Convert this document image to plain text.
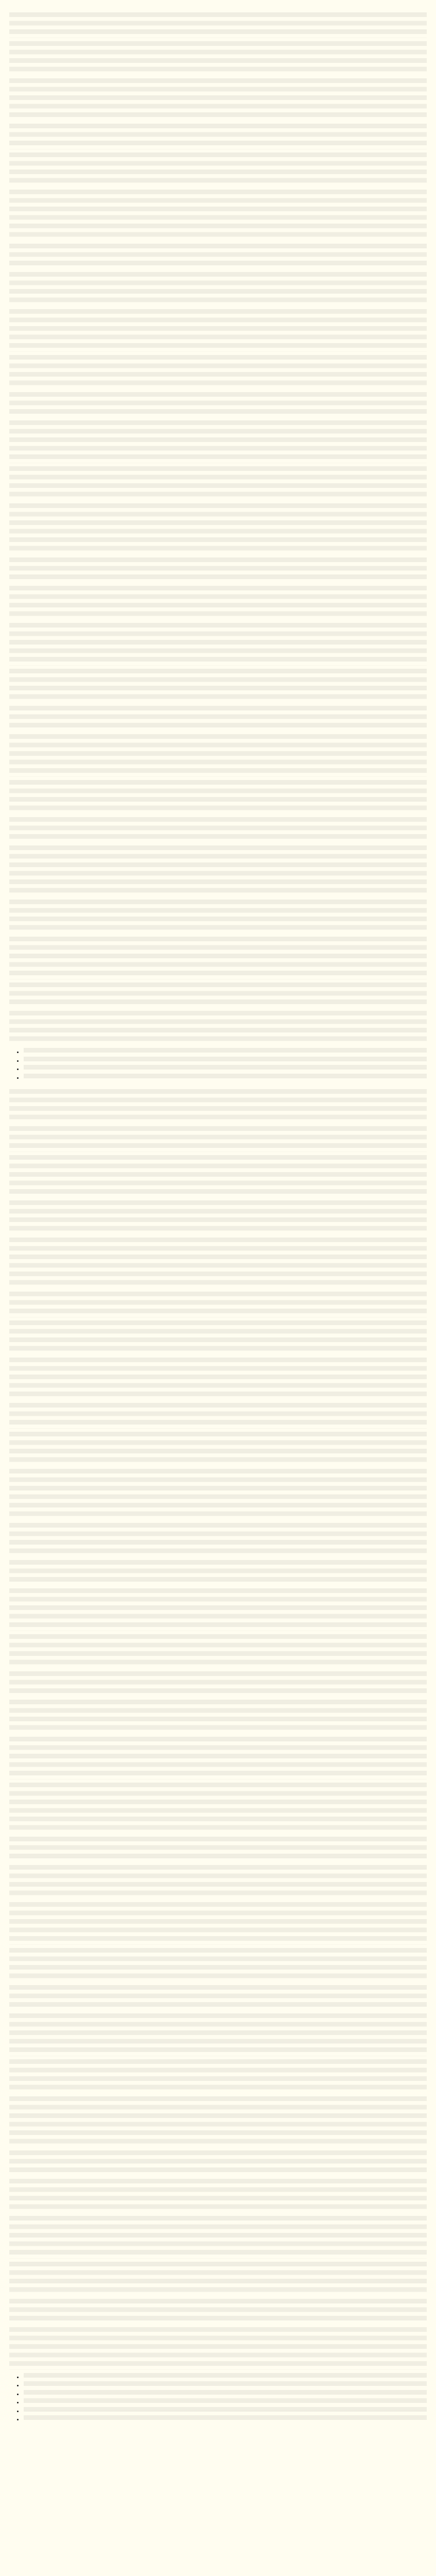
•
•
•
•

•
•
•
•
•
•
